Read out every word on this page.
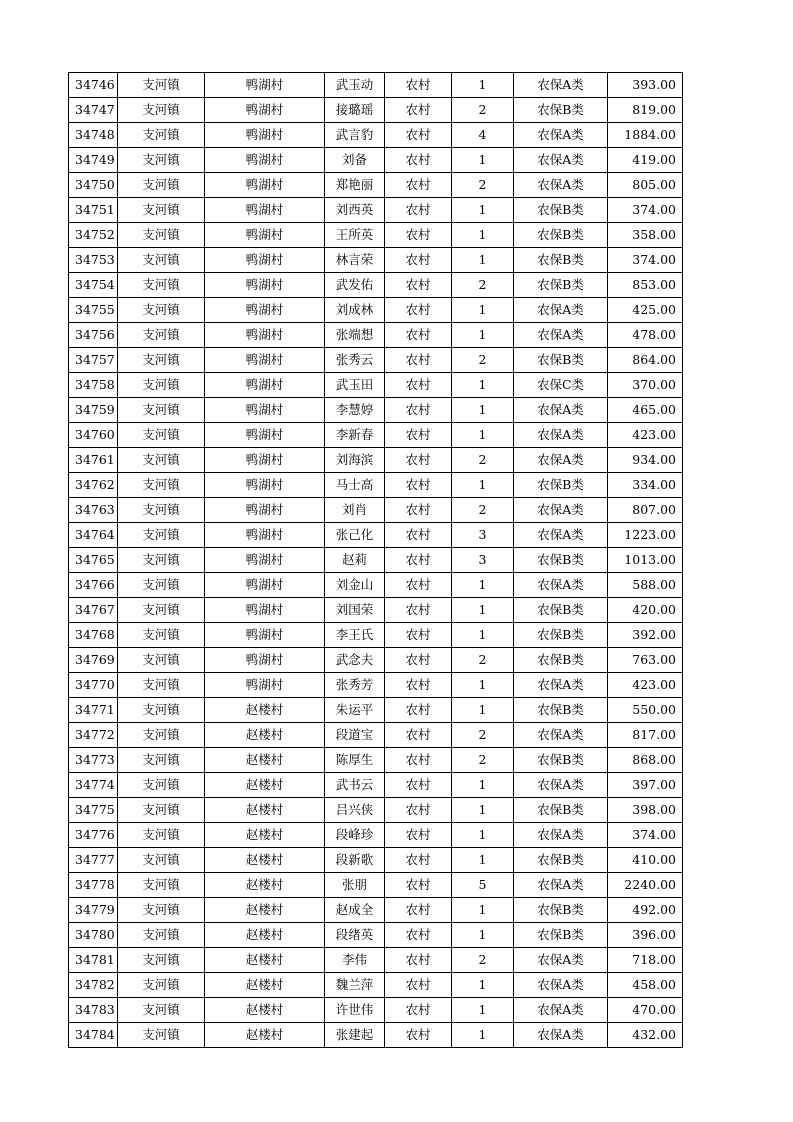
34746	支河镇	鸭湖村	武玉动	农村	1	农保A类	393.00
34747	支河镇	鸭湖村	接璐瑶	农村	2	农保B类	819.00
34748	支河镇	鸭湖村	武言豹	农村	4	农保A类	1884.00
34749	支河镇	鸭湖村	刘备	农村	1	农保A类	419.00
34750	支河镇	鸭湖村	郑艳丽	农村	2	农保A类	805.00
34751	支河镇	鸭湖村	刘西英	农村	1	农保B类	374.00
34752	支河镇	鸭湖村	王所英	农村	1	农保B类	358.00
34753	支河镇	鸭湖村	林言荣	农村	1	农保B类	374.00
34754	支河镇	鸭湖村	武发佑	农村	2	农保B类	853.00
34755	支河镇	鸭湖村	刘成林	农村	1	农保A类	425.00
34756	支河镇	鸭湖村	张端想	农村	1	农保A类	478.00
34757	支河镇	鸭湖村	张秀云	农村	2	农保B类	864.00
34758	支河镇	鸭湖村	武玉田	农村	1	农保C类	370.00
34759	支河镇	鸭湖村	李慧婷	农村	1	农保A类	465.00
34760	支河镇	鸭湖村	李新春	农村	1	农保A类	423.00
34761	支河镇	鸭湖村	刘海滨	农村	2	农保A类	934.00
34762	支河镇	鸭湖村	马士高	农村	1	农保B类	334.00
34763	支河镇	鸭湖村	刘肖	农村	2	农保A类	807.00
34764	支河镇	鸭湖村	张己化	农村	3	农保A类	1223.00
34765	支河镇	鸭湖村	赵莉	农村	3	农保B类	1013.00
34766	支河镇	鸭湖村	刘金山	农村	1	农保A类	588.00
34767	支河镇	鸭湖村	刘国荣	农村	1	农保B类	420.00
34768	支河镇	鸭湖村	李王氏	农村	1	农保B类	392.00
34769	支河镇	鸭湖村	武念夫	农村	2	农保B类	763.00
34770	支河镇	鸭湖村	张秀芳	农村	1	农保A类	423.00
34771	支河镇	赵楼村	朱运平	农村	1	农保B类	550.00
34772	支河镇	赵楼村	段道宝	农村	2	农保A类	817.00
34773	支河镇	赵楼村	陈厚生	农村	2	农保B类	868.00
34774	支河镇	赵楼村	武书云	农村	1	农保A类	397.00
34775	支河镇	赵楼村	吕兴侠	农村	1	农保B类	398.00
34776	支河镇	赵楼村	段峰珍	农村	1	农保A类	374.00
34777	支河镇	赵楼村	段新歌	农村	1	农保B类	410.00
34778	支河镇	赵楼村	张朋	农村	5	农保A类	2240.00
34779	支河镇	赵楼村	赵成全	农村	1	农保B类	492.00
34780	支河镇	赵楼村	段绪英	农村	1	农保B类	396.00
34781	支河镇	赵楼村	李伟	农村	2	农保A类	718.00
34782	支河镇	赵楼村	魏兰萍	农村	1	农保A类	458.00
34783	支河镇	赵楼村	许世伟	农村	1	农保A类	470.00
34784	支河镇	赵楼村	张建起	农村	1	农保A类	432.00
